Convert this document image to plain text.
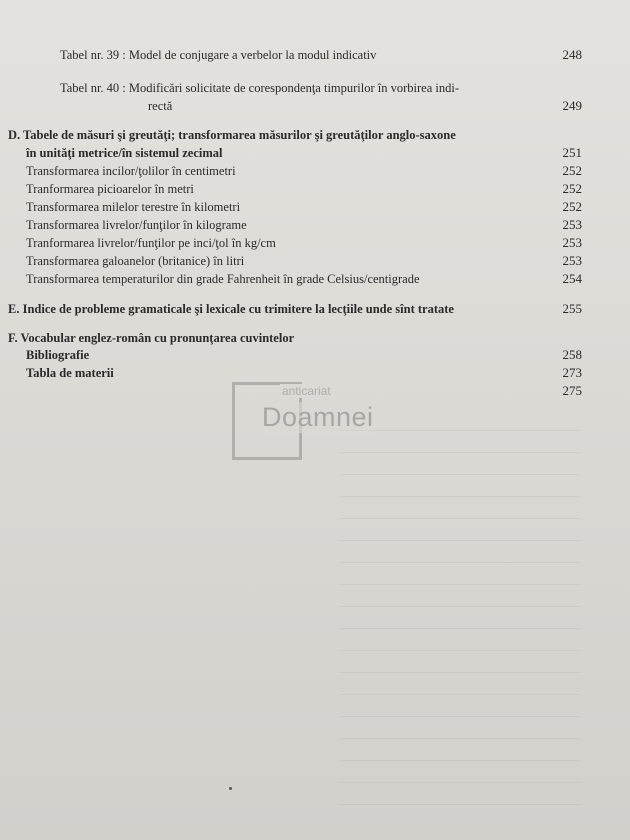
Tabel nr. 39 : Model de conjugare a verbelor la modul indicativ	248
Tabel nr. 40 : Modificări solicitate de corespondenţa timpurilor în vorbirea indi-
rectă	249
D. Tabele de măsuri şi greutăţi; transformarea măsurilor şi greutăţilor anglo-saxone
în unităţi metrice/în sistemul zecimal	251
Transformarea incilor/ţolilor în centimetri	252
Tranformarea picioarelor în metri	252
Transformarea milelor terestre în kilometri	252
Transformarea livrelor/funţilor în kilograme	253
Tranformarea livrelor/funţilor pe inci/ţol în kg/cm	253
Transformarea galoanelor (britanice) în litri	253
Transformarea temperaturilor din grade Fahrenheit în grade Celsius/centigrade	254
E. Indice de probleme gramaticale şi lexicale cu trimitere la lecţiile unde sînt tratate	255
F. Vocabular englez-român cu pronunţarea cuvintelor
Bibliografie	258
Tabla de materii	273
275
anticariat
Doamnei
